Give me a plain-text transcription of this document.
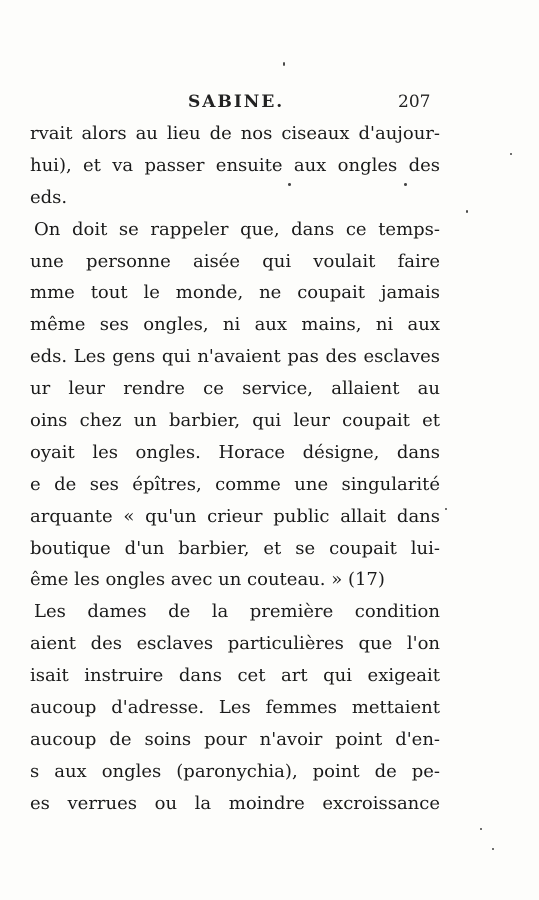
SABINE.	207
rvait alors au lieu de nos ciseaux d'aujour-
hui), et va passer ensuite aux ongles des
eds.
On doit se rappeler que, dans ce temps-
une personne aisée qui voulait faire
mme tout le monde, ne coupait jamais
même ses ongles, ni aux mains, ni aux
eds. Les gens qui n'avaient pas des esclaves
ur leur rendre ce service, allaient au
oins chez un barbier, qui leur coupait et
oyait les ongles. Horace désigne, dans
e de ses épîtres, comme une singularité
arquante « qu'un crieur public allait dans
boutique d'un barbier, et se coupait lui-
ême les ongles avec un couteau. » (17)
Les dames de la première condition
aient des esclaves particulières que l'on
isait instruire dans cet art qui exigeait
aucoup d'adresse. Les femmes mettaient
aucoup de soins pour n'avoir point d'en-
s aux ongles (paronychia), point de pe-
es verrues ou la moindre excroissance
